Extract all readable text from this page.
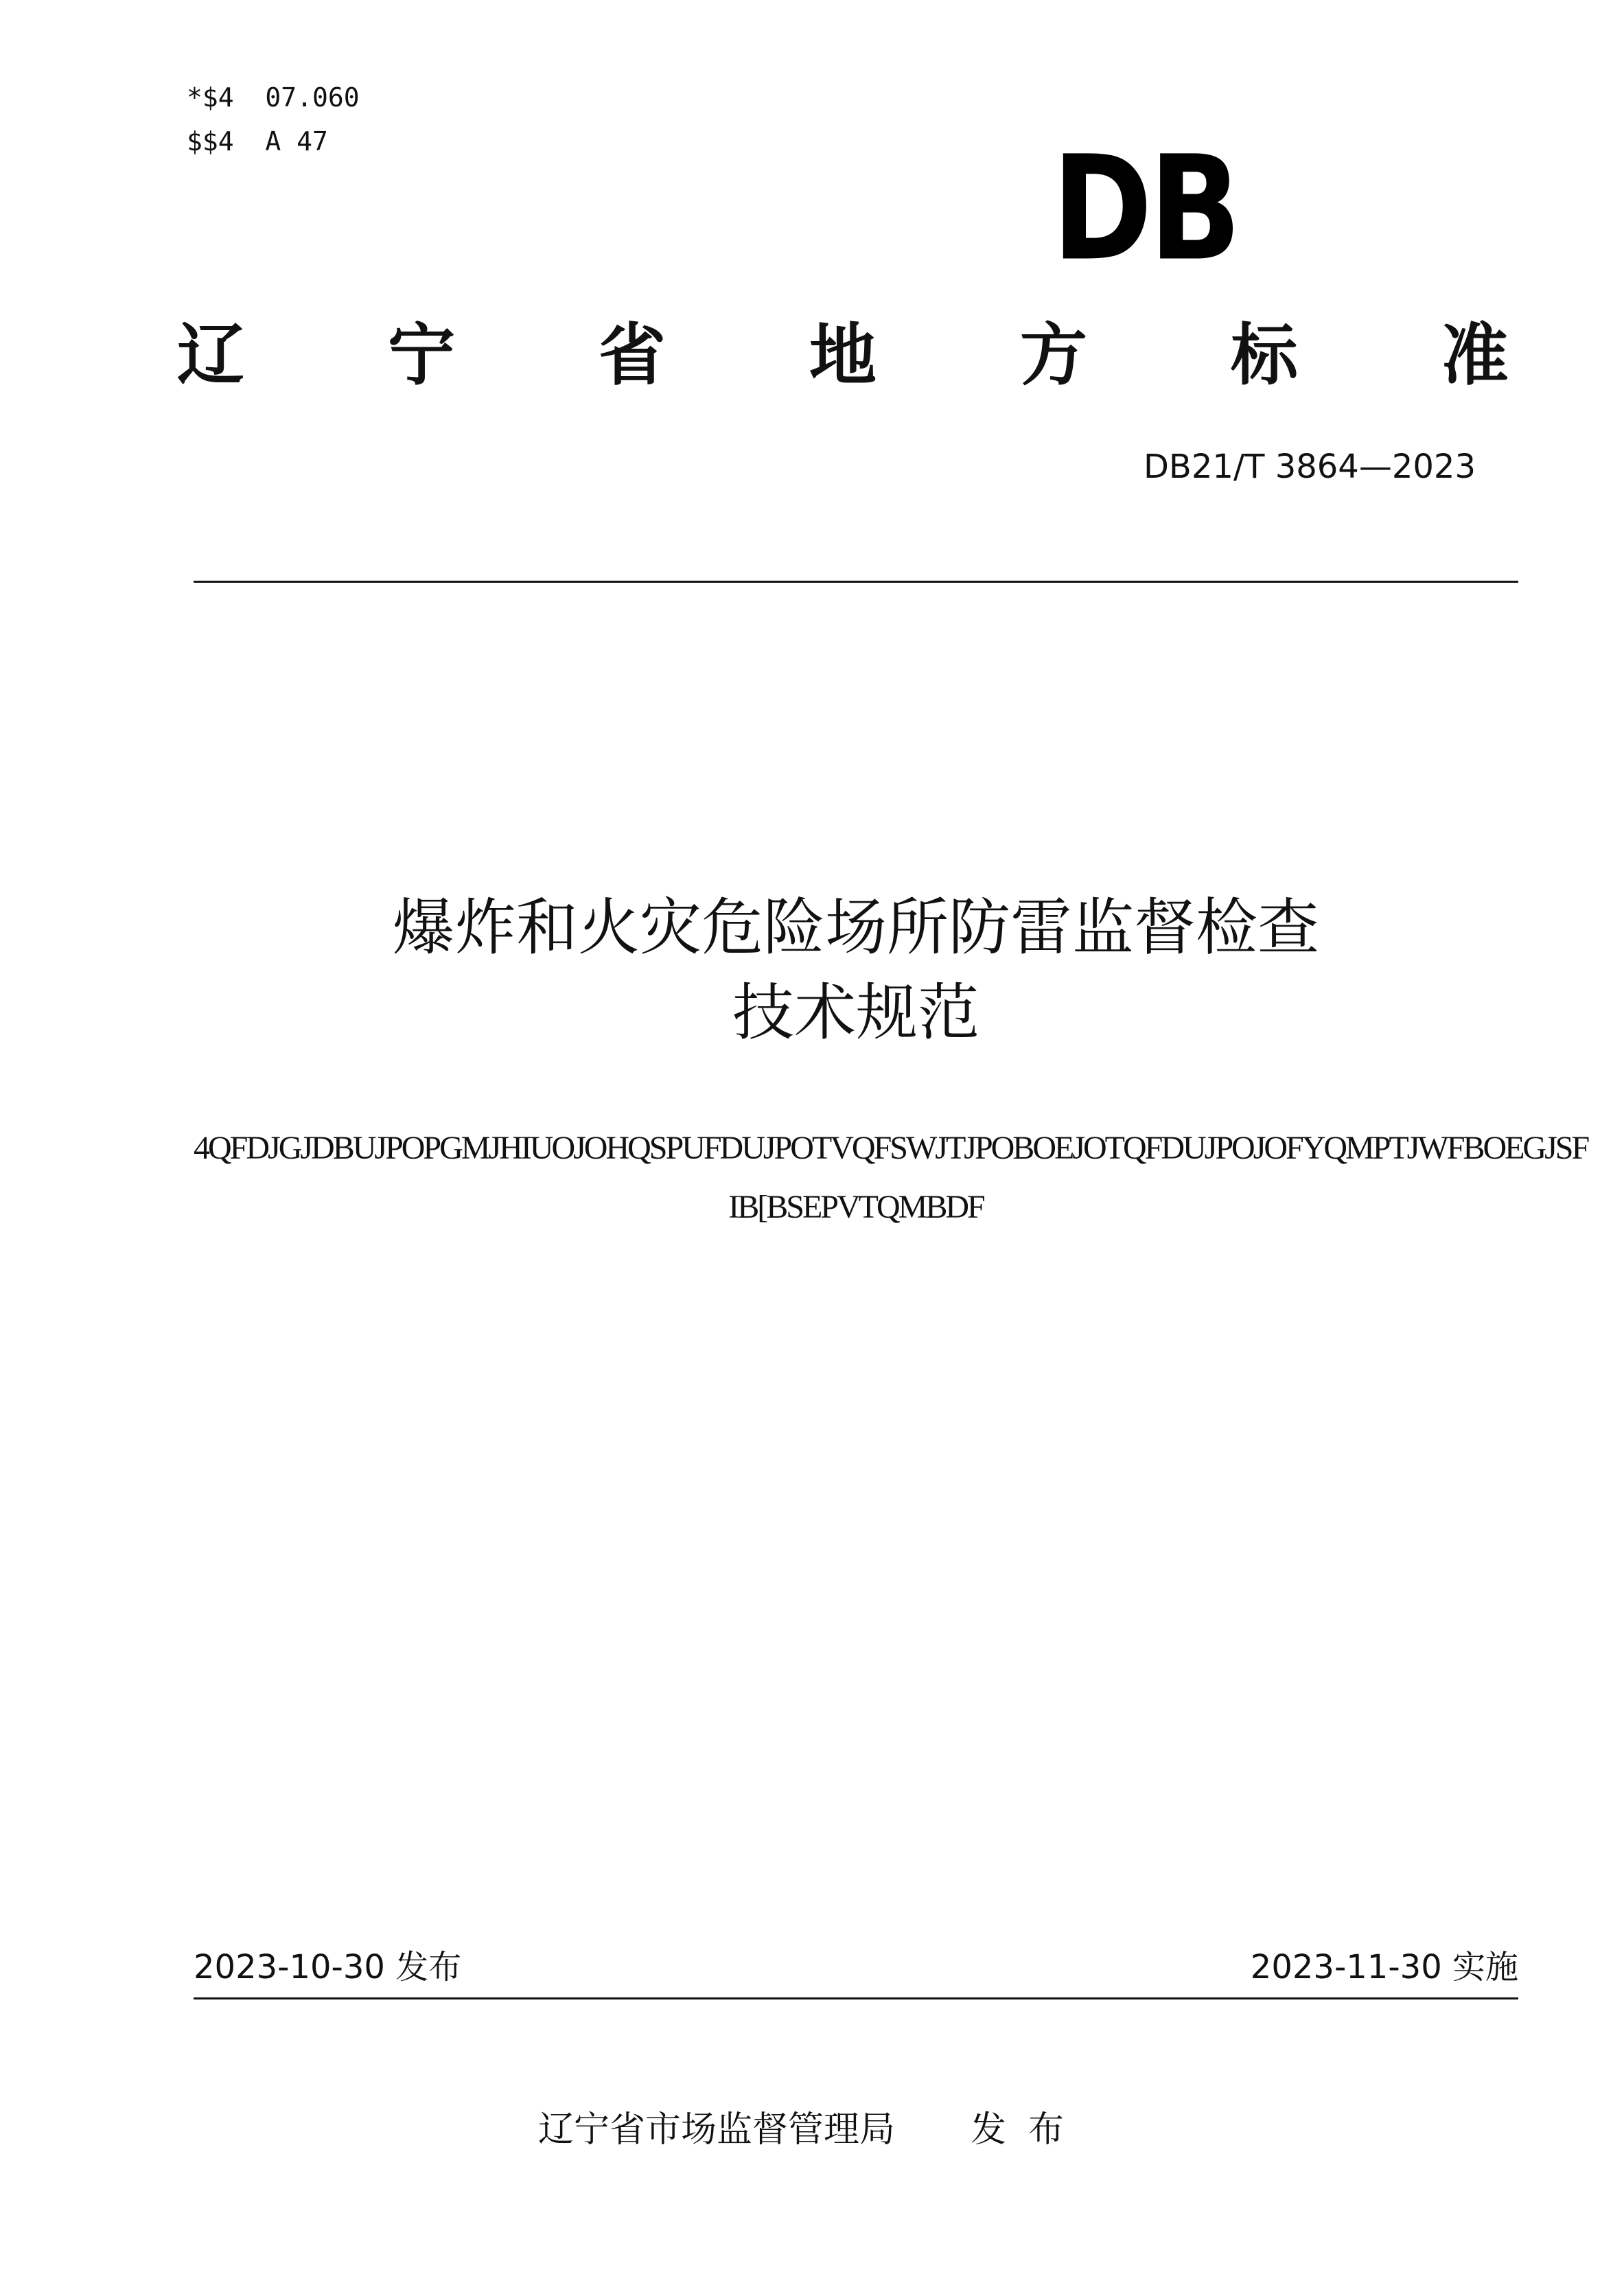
*$4  07.060
$$4  A 47	D B
辽 宁 省 地 方 标 准
DB21/T 3864—2023
爆炸和火灾危险场所防雷监督检查
技术规范
4QFDJGJDBUJPOPGMJHIUOJOHQSPUFDUJPOTVQFSWJTJPOBOEJOTQFDUJPOJOFYQMPTJWFBOEGJSF
IB[BSEPVTQMBDF
2023-10-30 发布	2023-11-30 实施
辽宁省市场监督管理局 发布
